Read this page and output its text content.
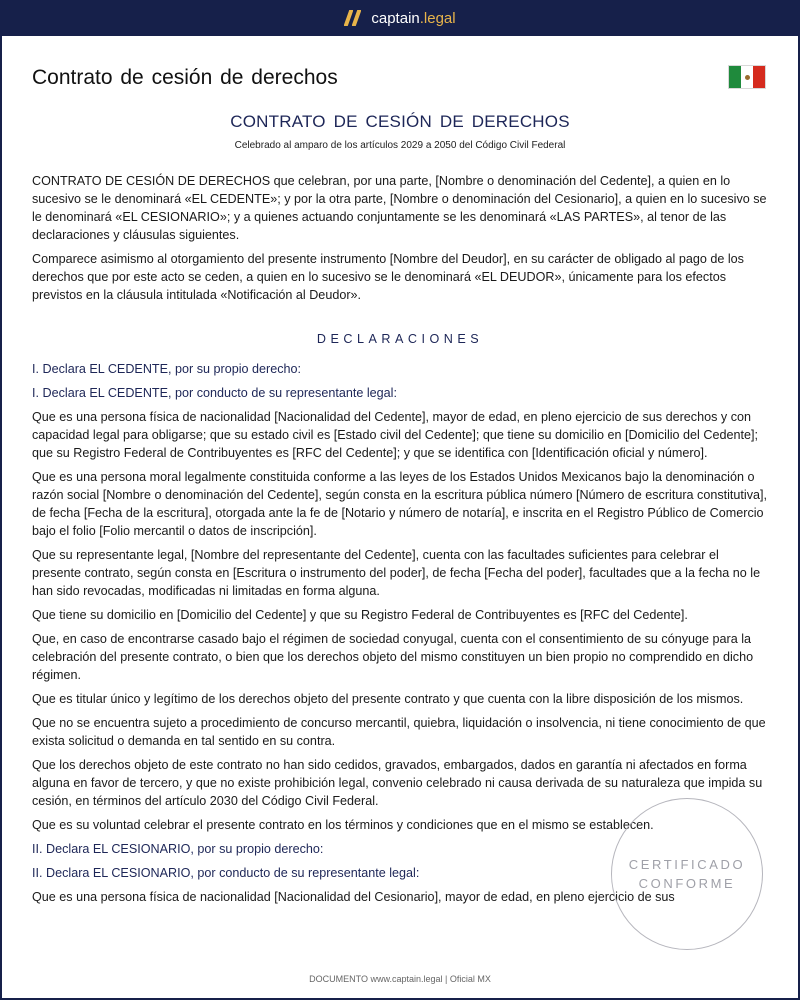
captain.legal
Contrato de cesión de derechos
CONTRATO DE CESIÓN DE DERECHOS
Celebrado al amparo de los artículos 2029 a 2050 del Código Civil Federal

CONTRATO DE CESIÓN DE DERECHOS que celebran, por una parte, [Nombre o denominación del Cedente], a quien en lo sucesivo se le denominará «EL CEDENTE»; y por la otra parte, [Nombre o denominación del Cesionario], a quien en lo sucesivo se le denominará «EL CESIONARIO»; y a quienes actuando conjuntamente se les denominará «LAS PARTES», al tenor de las declaraciones y cláusulas siguientes.

Comparece asimismo al otorgamiento del presente instrumento [Nombre del Deudor], en su carácter de obligado al pago de los derechos que por este acto se ceden, a quien en lo sucesivo se le denominará «EL DEUDOR», únicamente para los efectos previstos en la cláusula intitulada «Notificación al Deudor».

DECLARACIONES

I. Declara EL CEDENTE, por su propio derecho:

I. Declara EL CEDENTE, por conducto de su representante legal:

Que es una persona física de nacionalidad [Nacionalidad del Cedente], mayor de edad, en pleno ejercicio de sus derechos y con capacidad legal para obligarse; que su estado civil es [Estado civil del Cedente]; que tiene su domicilio en [Domicilio del Cedente]; que su Registro Federal de Contribuyentes es [RFC del Cedente]; y que se identifica con [Identificación oficial y número].

Que es una persona moral legalmente constituida conforme a las leyes de los Estados Unidos Mexicanos bajo la denominación o razón social [Nombre o denominación del Cedente], según consta en la escritura pública número [Número de escritura constitutiva], de fecha [Fecha de la escritura], otorgada ante la fe de [Notario y número de notaría], e inscrita en el Registro Público de Comercio bajo el folio [Folio mercantil o datos de inscripción].

Que su representante legal, [Nombre del representante del Cedente], cuenta con las facultades suficientes para celebrar el presente contrato, según consta en [Escritura o instrumento del poder], de fecha [Fecha del poder], facultades que a la fecha no le han sido revocadas, modificadas ni limitadas en forma alguna.

Que tiene su domicilio en [Domicilio del Cedente] y que su Registro Federal de Contribuyentes es [RFC del Cedente].

Que, en caso de encontrarse casado bajo el régimen de sociedad conyugal, cuenta con el consentimiento de su cónyuge para la celebración del presente contrato, o bien que los derechos objeto del mismo constituyen un bien propio no comprendido en dicho régimen.

Que es titular único y legítimo de los derechos objeto del presente contrato y que cuenta con la libre disposición de los mismos.

Que no se encuentra sujeto a procedimiento de concurso mercantil, quiebra, liquidación o insolvencia, ni tiene conocimiento de que exista solicitud o demanda en tal sentido en su contra.

Que los derechos objeto de este contrato no han sido cedidos, gravados, embargados, dados en garantía ni afectados en forma alguna en favor de tercero, y que no existe prohibición legal, convenio celebrado ni causa derivada de su naturaleza que impida su cesión, en términos del artículo 2030 del Código Civil Federal.

Que es su voluntad celebrar el presente contrato en los términos y condiciones que en el mismo se establecen.

II. Declara EL CESIONARIO, por su propio derecho:

II. Declara EL CESIONARIO, por conducto de su representante legal:

Que es una persona física de nacionalidad [Nacionalidad del Cesionario], mayor de edad, en pleno ejercicio de sus

CERTIFICADO
CONFORME
DOCUMENTO www.captain.legal | Oficial MX
